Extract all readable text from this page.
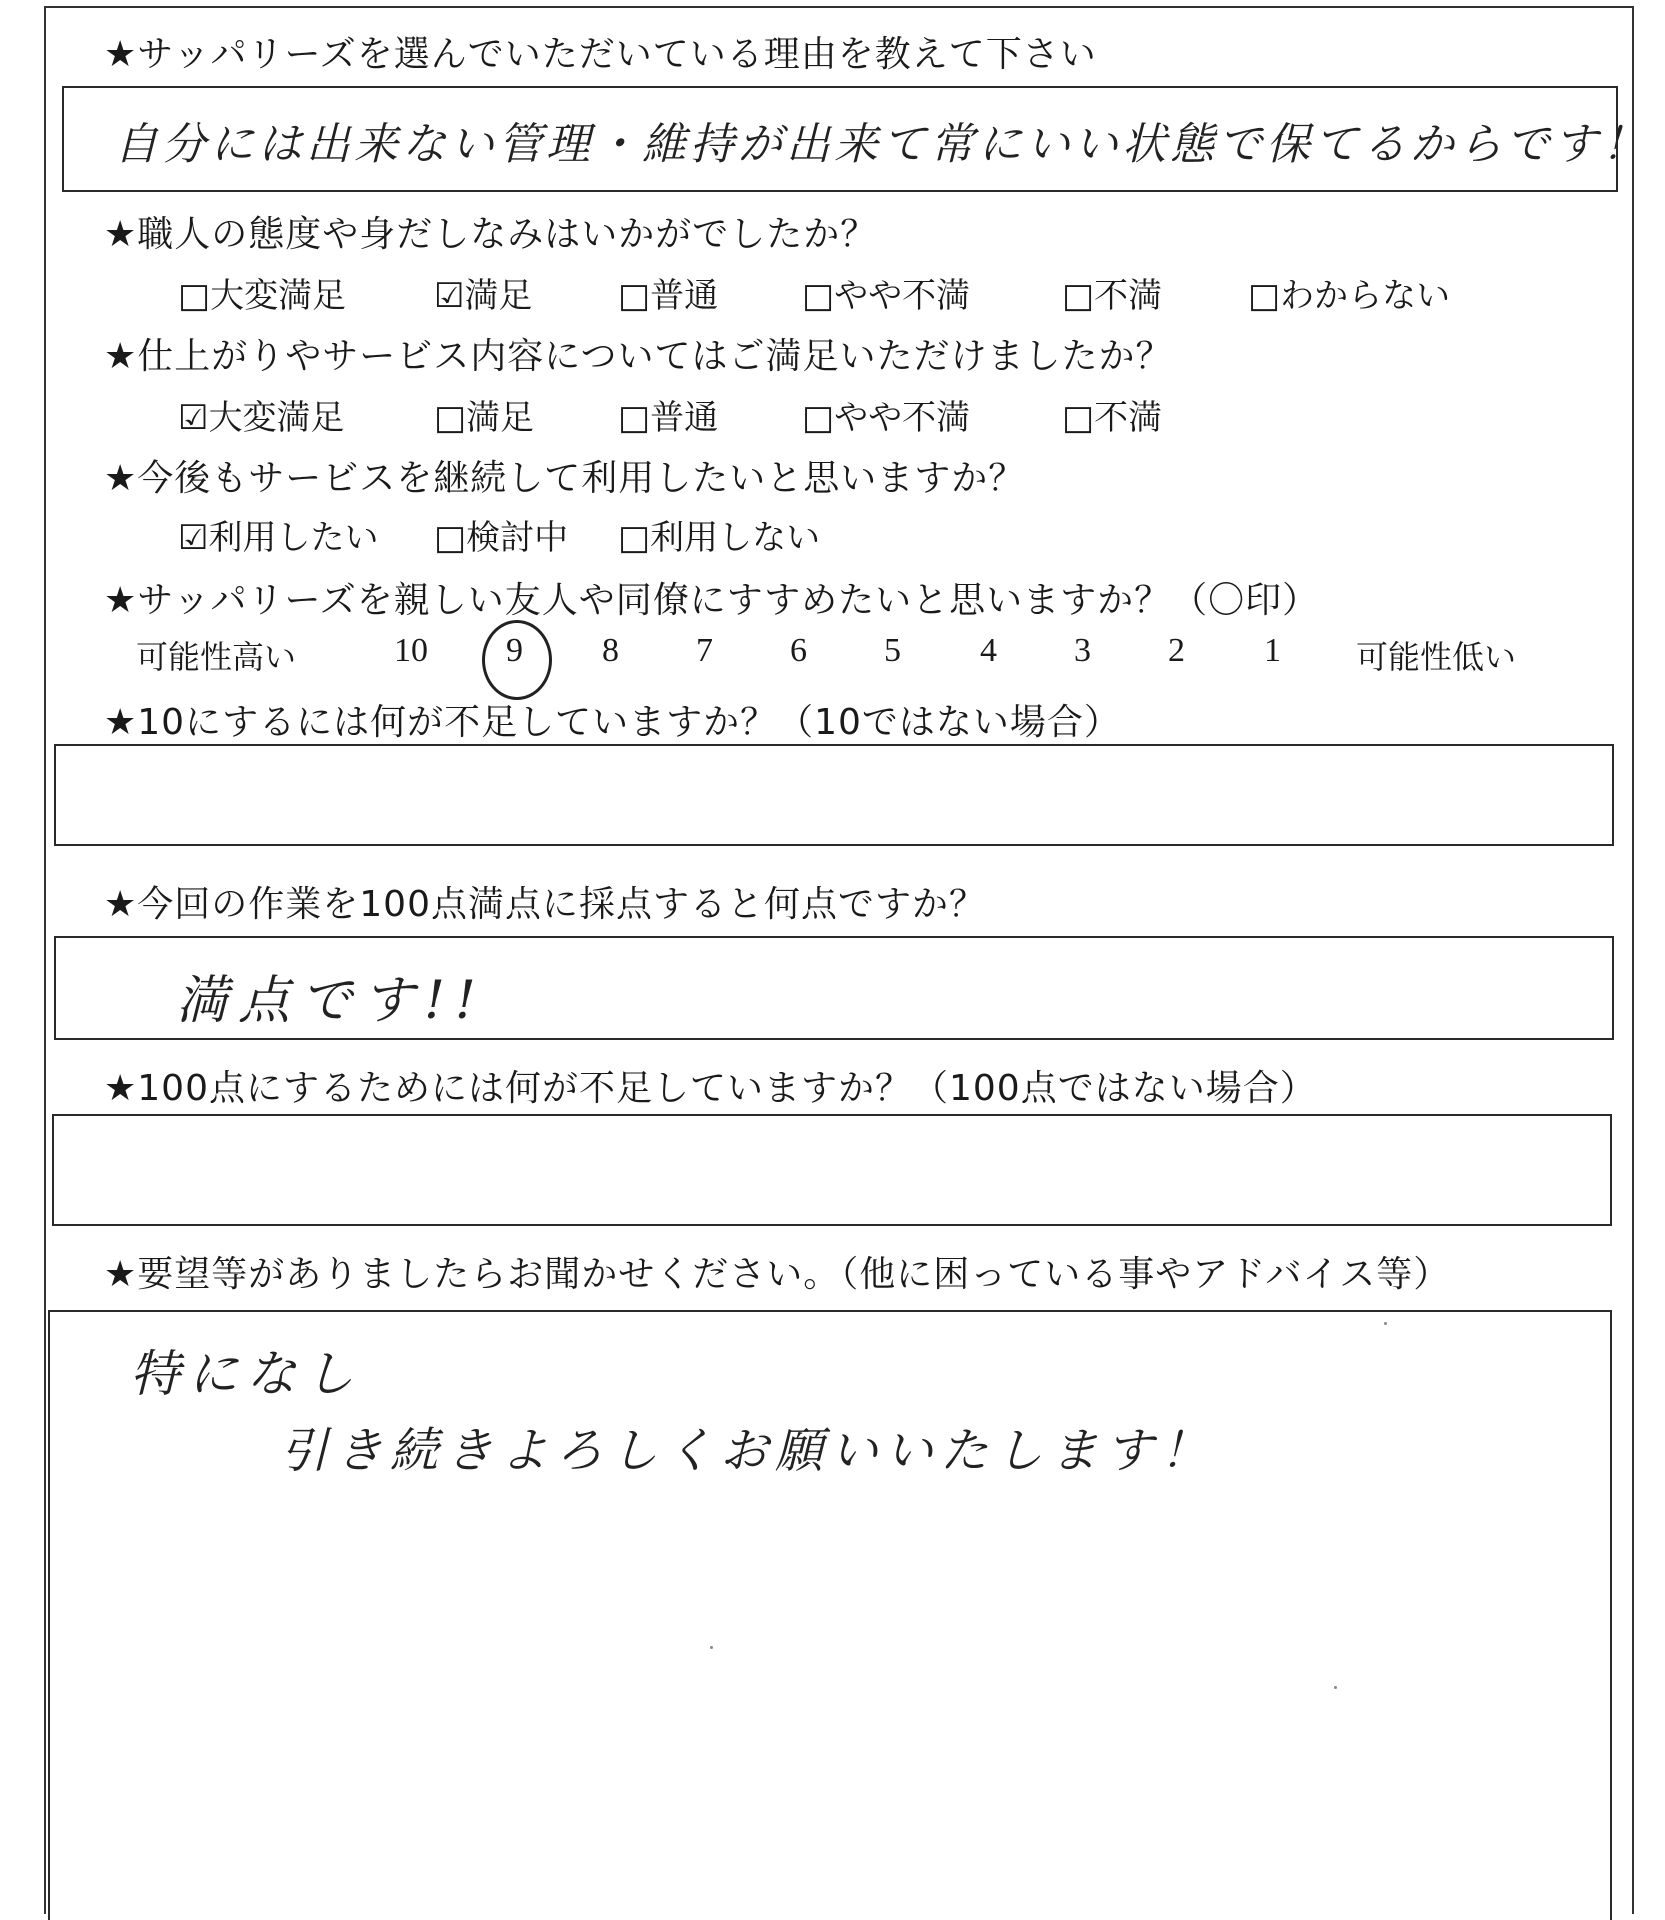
★サッパリーズを選んでいただいている理由を教えて下さい
自分には出来ない管理・維持が出来て常にいい状態で保てるからです！
★職人の態度や身だしなみはいかがでしたか？
□大変満足	☑満足	□普通 □やや不満	□不満	□わからない
★仕上がりやサービス内容についてはご満足いただけましたか？
☑大変満足	□満足 □普通 □やや不満	□不満
★今後もサービスを継続して利用したいと思いますか？
☑利用したい □検討中 □利用しない
★サッパリーズを親しい友人や同僚にすすめたいと思いますか？（〇印）
可能性高い	10 9 8 7 6 5 4 3 2 1 可能性低い
★10にするには何が不足していますか？（10ではない場合）
★今回の作業を100点満点に採点すると何点ですか？
満点です!!
★100点にするためには何が不足していますか？（100点ではない場合）
★要望等がありましたらお聞かせください。（他に困っている事やアドバイス等）
特になし
引き続きよろしくお願いいたします！
